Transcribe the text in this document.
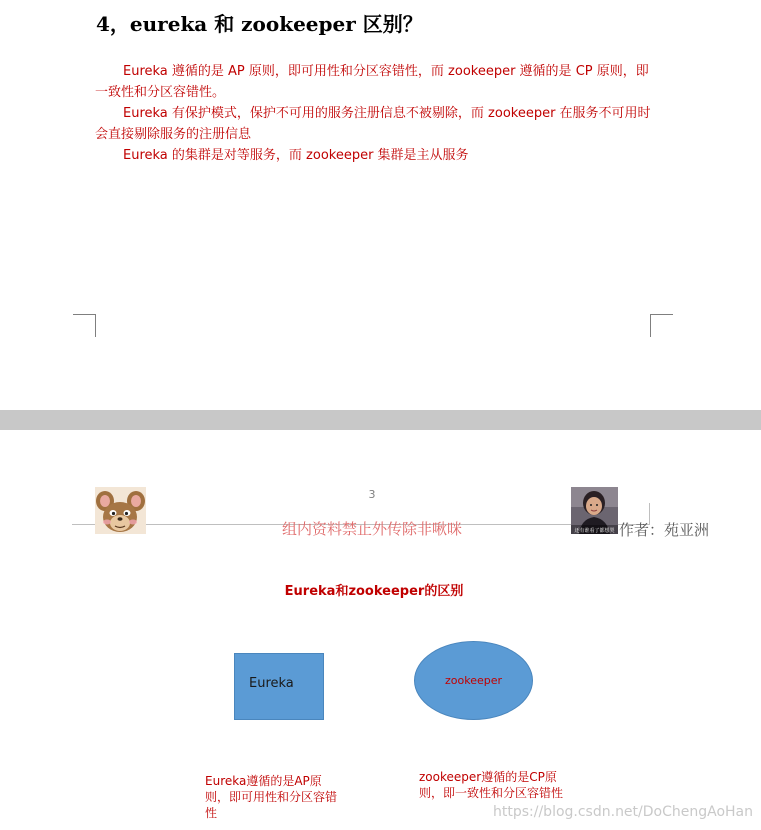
4，eureka 和 zookeeper 区别？

Eureka 遵循的是 AP 原则，即可用性和分区容错性，而 zookeeper 遵循的是 CP 原则，即一致性和分区容错性。

Eureka 有保护模式，保护不可用的服务注册信息不被剔除，而 zookeeper 在服务不可用时会直接剔除服务的注册信息

Eureka 的集群是对等服务，而 zookeeper 集群是主从服务

3
组内资料禁止外传除非啾咪	还有谁看了都想哭 作者：苑亚洲
Eureka和zookeeper的区别
Eureka	zookeeper
Eureka遵循的是AP原则，即可用性和分区容错性
zookeeper遵循的是CP原则，即一致性和分区容错性
https://blog.csdn.net/DoChengAoHan
